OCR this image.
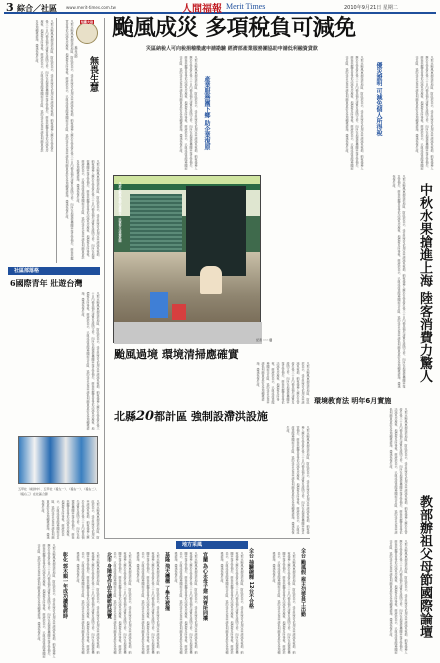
3 綜合／社區 www.merit-times.com.tw	人間福報 Merit Times	2010年9月21日 星期二
凡那比颱風重創南部地區，財政部表示，受災民眾可依規定申請減免稅捐，納稅義務人應於災害發生後三十日內檢具損失清單及證明文件，向所在地稽徵機關申報災害損失，經查核屬實者得依法減免房屋稅、地價稅及所得稅。經濟部表示，已組成產業服務團前往災區，協助受災企業申請低利融資貸款及各項輔導措施，盡速恢復生產。	短觀大語
慈容法師
無畏生慧
凡那比颱風重創南部地區，財政部表示，受災民眾可依規定申請減免稅捐，納稅義務人應於災害發生後三十日內檢具損失清單及證明文件，向所在地稽徵機關申報災害損失，經查核屬實者得依法減免房屋稅、地價稅及所得稅。經濟部表示，已組成產業服務團前往災區，協助受災企業申請低利融資貸款及各項輔導措施，盡速恢復生產。	凡那比颱風重創南部地區，財政部表示，受災民眾可依規定申請減免稅捐，納稅義務人應於災害發生後三十日內檢具損失清單及證明文件，向所在地稽徵機關申報災害損失，經查核屬實者得依法減免房屋稅、地價稅及所得稅。經濟部表示，已組成產業服務團前往災區，協助受災企業申請低利融資貸款及各項輔導措施，盡速恢復生產。
社區部落格
6國際青年 壯遊台灣
凡那比颱風重創南部地區，財政部表示，受災民眾可依規定申請減免稅捐，納稅義務人應於災害發生後三十日內檢具損失清單及證明文件，向所在地稽徵機關申報災害損失，經查核屬實者得依法減免房屋稅、地價稅及所得稅。經濟部表示，已組成產業服務團前往災區，協助受災企業申請低利融資貸款及各項輔導措施，盡速恢復生產。
五甲社（前排中）、五甲社（後左一）、（後右一）、（後右二）、（後右三）在社區合影
凡那比颱風重創南部地區，財政部表示，受災民眾可依規定申請減免稅捐，納稅義務人應於災害發生後三十日內檢具損失清單及證明文件，向所在地稽徵機關申報災害損失，經查核屬實者得依法減免房屋稅、地價稅及所得稅。經濟部表示，已組成產業服務團前往災區，協助受災企業申請低利融資貸款及各項輔導措施，盡速恢復生產。
颱風成災 多項稅負可減免
災區納稅人可向稅捐稽徵處申請勘驗 經濟部產業服務團協助申請低利融資貸款
凡那比颱風重創南部地區，財政部表示，受災民眾可依規定申請減免稅捐，納稅義務人應於災害發生後三十日內檢具損失清單及證明文件，向所在地稽徵機關申報災害損失，經查核屬實者得依法減免房屋稅、地價稅及所得稅。經濟部表示，已組成產業服務團前往災區，協助受災企業申請低利融資貸款及各項輔導措施，盡速恢復生產。	產業服務團下鄉 助企業復原	凡那比颱風重創南部地區，財政部表示，受災民眾可依規定申請減免稅捐，納稅義務人應於災害發生後三十日內檢具損失清單及證明文件，向所在地稽徵機關申報災害損失，經查核屬實者得依法減免房屋稅、地價稅及所得稅。經濟部表示，已組成產業服務團前往災區，協助受災企業申請低利融資貸款及各項輔導措施，盡速恢復生產。	優災證明 可減免個人所得稅	凡那比颱風重創南部地區，財政部表示，受災民眾可依規定申請減免稅捐，納稅義務人應於災害發生後三十日內檢具損失清單及證明文件，向所在地稽徵機關申報災害損失，經查核屬實者得依法減免房屋稅、地價稅及所得稅。經濟部表示，已組成產業服務團前往災區，協助受災企業申請低利融資貸款及各項輔導措施，盡速恢復生產。
凡那比颱風重創高雄縣市，民眾努力清掃家園
記者 ○○○ 攝	凡那比颱風重創南部地區，財政部表示，受災民眾可依規定申請減免稅捐，納稅義務人應於災害發生後三十日內檢具損失清單及證明文件，向所在地稽徵機關申報災害損失，經查核屬實者得依法減免房屋稅、地價稅及所得稅。經濟部表示，已組成產業服務團前往災區，協助受災企業申請低利融資貸款及各項輔導措施，盡速恢復生產。
中秋水果搶進上海 陸客消費力驚人
颱風過境 環境清掃應確實
凡那比颱風重創南部地區，財政部表示，受災民眾可依規定申請減免稅捐，納稅義務人應於災害發生後三十日內檢具損失清單及證明文件，向所在地稽徵機關申報災害損失，經查核屬實者得依法減免房屋稅、地價稅及所得稅。經濟部表示，已組成產業服務團前往災區，協助受災企業申請低利融資貸款及各項輔導措施，盡速恢復生產。
北縣20都計區 強制設滯洪設施
凡那比颱風重創南部地區，財政部表示，受災民眾可依規定申請減免稅捐，納稅義務人應於災害發生後三十日內檢具損失清單及證明文件，向所在地稽徵機關申報災害損失，經查核屬實者得依法減免房屋稅、地價稅及所得稅。經濟部表示，已組成產業服務團前往災區，協助受災企業申請低利融資貸款及各項輔導措施，盡速恢復生產。
環境教育法 明年6月實施
凡那比颱風重創南部地區，財政部表示，受災民眾可依規定申請減免稅捐，納稅義務人應於災害發生後三十日內檢具損失清單及證明文件，向所在地稽徵機關申報災害損失，經查核屬實者得依法減免房屋稅、地價稅及所得稅。經濟部表示，已組成產業服務團前往災區，協助受災企業申請低利融資貸款及各項輔導措施，盡速恢復生產。
教部辦祖父母節國際論壇
凡那比颱風重創南部地區，財政部表示，受災民眾可依規定申請減免稅捐，納稅義務人應於災害發生後三十日內檢具損失清單及證明文件，向所在地稽徵機關申報災害損失，經查核屬實者得依法減免房屋稅、地價稅及所得稅。經濟部表示，已組成產業服務團前往災區，協助受災企業申請低利融資貸款及各項輔導措施，盡速恢復生產。
地方采風
凡那比颱風重創南部地區，財政部表示，受災民眾可依規定申請減免稅捐，納稅義務人應於災害發生後三十日內檢具損失清單及證明文件，向所在地稽徵機關申報災害損失，經查核屬實者得依法減免房屋稅、地價稅及所得稅。經濟部表示，已組成產業服務團前往災區，協助受災企業申請低利融資貸款及各項輔導措施，盡速恢復生產。	北市 身障者作品在總統府展覽	凡那比颱風重創南部地區，財政部表示，受災民眾可依規定申請減免稅捐，納稅義務人應於災害發生後三十日內檢具損失清單及證明文件，向所在地稽徵機關申報災害損失，經查核屬實者得依法減免房屋稅、地價稅及所得稅。經濟部表示，已組成產業服務團前往災區，協助受災企業申請低利融資貸款及各項輔
彰化 郭木順一年成功讀報經時	凡那比颱風重創南部地區，財政部表示，受災民眾可依規定申請減免稅捐，納稅義務人應於災害發生後三十日內檢具損失清單及證明文件，向所在地稽徵機關申報災害損失，經查核屬實者得依法減免房屋稅、地價稅及所得稅。經濟部表示，已組成產業服務團前往災區，協助受災企業申請低利融資貸款及各項輔導措施，盡速恢復生產。	基隆 飛天機構 了學生被撞
凡那比颱風重創南部地區，財政部表示，受災民眾可依規定申請減免稅捐，納稅義務人應於災害發生後三十日內檢具損失清單及證明文件，向所在地稽徵機關申報災害損失，經查核屬實者得依法減免房屋稅、地價稅及所得稅。經濟部表示，已組成產業服務團前往災區，協助受災企業申請低利融資貸款及各項輔導措施，盡速恢復生產。	宜蘭 為心永母子建 列齊所同攘
凡那比颱風重創南部地區，財政部表示，受災民眾可依規定申請減免稅捐，納稅義務人應於災害發生後三十日內檢具損失清單及證明文件，向所在地稽徵機關申報災害損失，經查核屬實者得依法減免房屋稅、地價稅及所得稅。經濟部表示，已組成產業服務團前往災區，協助受災企業申請低利融資貸款及各項輔導措施，盡速恢復生產。	全台 抽驗碗粿 12台不合格
凡那比颱風重創南部地區，財政部表示，受災民眾可依規定申請減免稅捐，納稅義務人應於災害發生後三十日內檢具損失清單及證明文件，向所在地稽徵機關申報災害損失，經查核屬實者得依法減免房屋稅、地價稅及所得稅。經濟部表示，已組成產業服務團前往災區，協助受災企業申請低利融資貸款及各項輔導措施，盡速恢復生產。	全台 颱風假 雇主勿要員工出勤
凡那比颱風重創南部地區，財政部表示，受災民眾可依規定申請減免稅捐，納稅義務人應於災害發生後三十日內檢具損失清單及證明文件，向所在地稽徵機關申報災害損失，經查核屬實者得依法減免房屋稅、地價稅及所得稅。經濟部表示，已組成產業服務團前往災區，協助受災企業申請低利融資貸款及各項輔導措施，盡速恢復生產。
